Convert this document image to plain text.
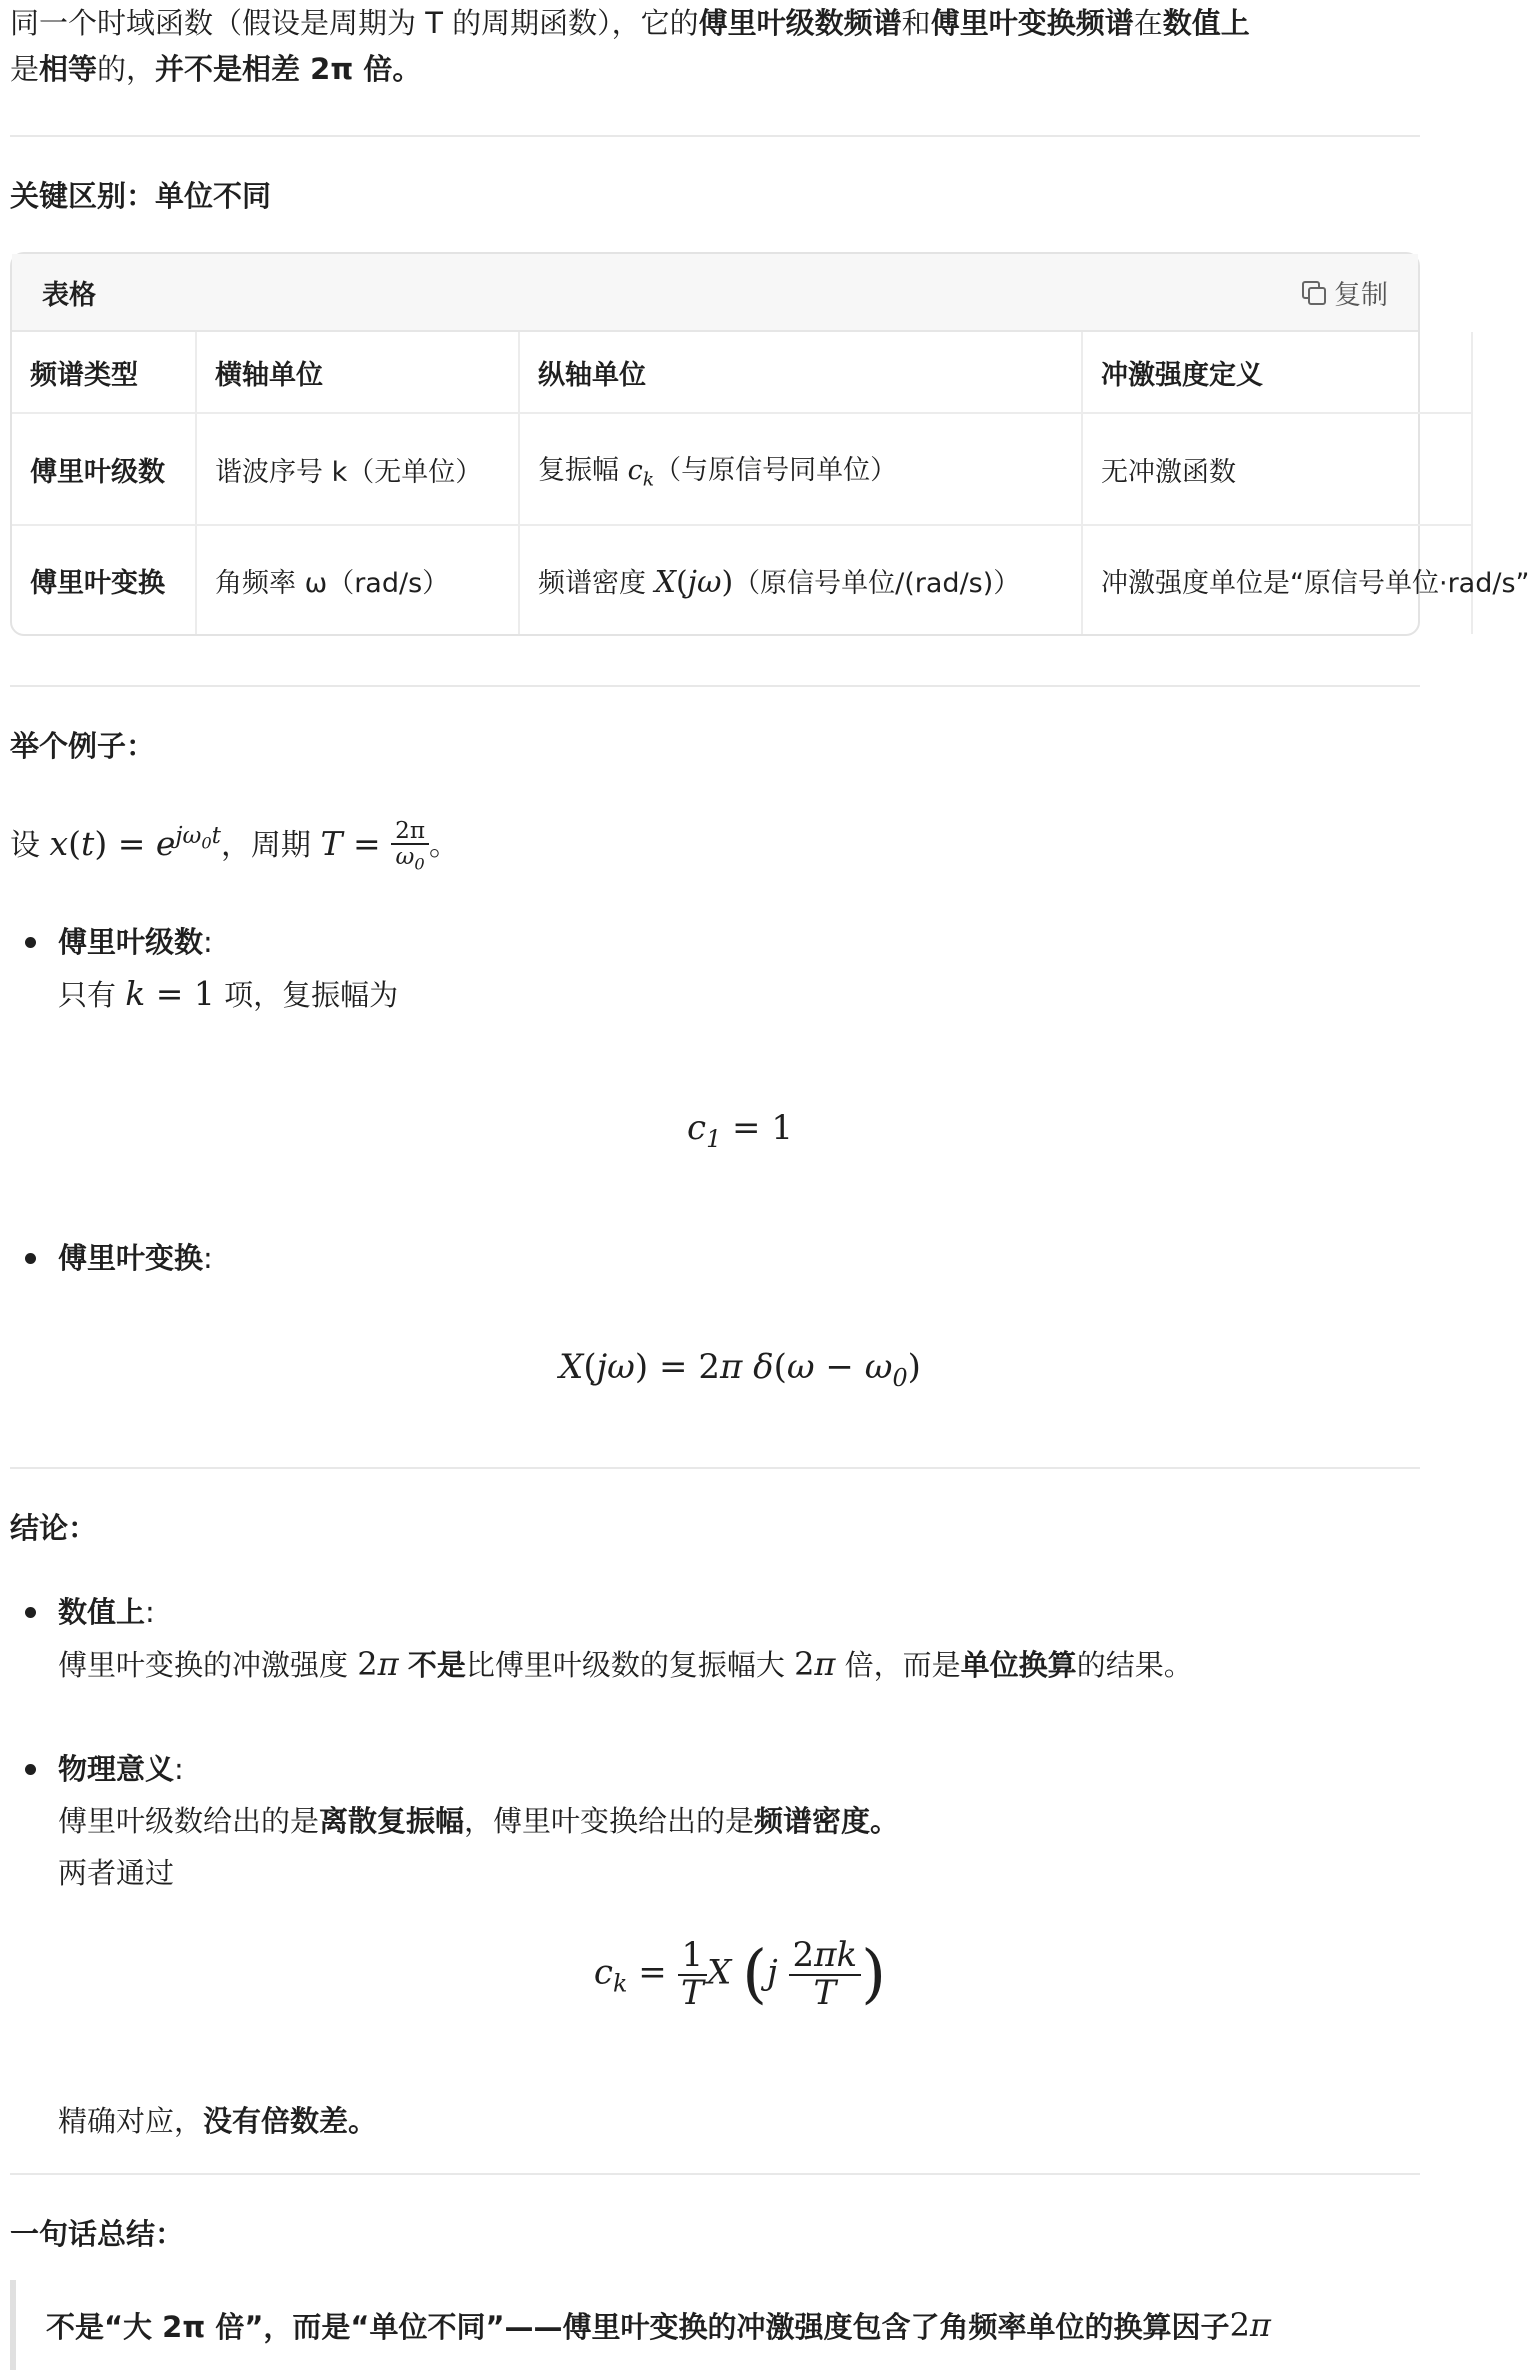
同一个时域函数（假设是周期为 T 的周期函数），它的傅里叶级数频谱和傅里叶变换频谱在数值上
是相等的，并不是相差 2π 倍。

关键区别：单位不同
表格	复制
频谱类型	横轴单位	纵轴单位	冲激强度定义
傅里叶级数	谐波序号 k（无单位）	复振幅 $c_k$（与原信号同单位）	无冲激函数
傅里叶变换	角频率 ω（rad/s）	频谱密度 X(jω)（原信号单位/(rad/s)）	冲激强度单位是“原信号单位·rad/s”
举个例子：
设 $x(t) = e^{j\omega_0t}$，周期 $T = \frac{2\pi}{\omega_0}$ 。
傅里叶级数:
只有 k = 1 项，复振幅为
$c_1 = 1$
傅里叶变换:
X(jω) = 2π $\delta(\omega - \omega_0)$
结论：
数值上:
傅里叶变换的冲激强度 2π 不是比傅里叶级数的复振幅大 2π 倍，而是单位换算的结果。
物理意义:
傅里叶级数给出的是离散复振幅，傅里叶变换给出的是频谱密度。
两者通过
$c_k = \frac{1}{T}$ X ($j \frac{2\pi k}{T}$ )
精确对应，没有倍数差。
一句话总结：
不是“大 2π 倍”，而是“单位不同”——傅里叶变换的冲激强度包含了角频率单位的换算因子 2π
